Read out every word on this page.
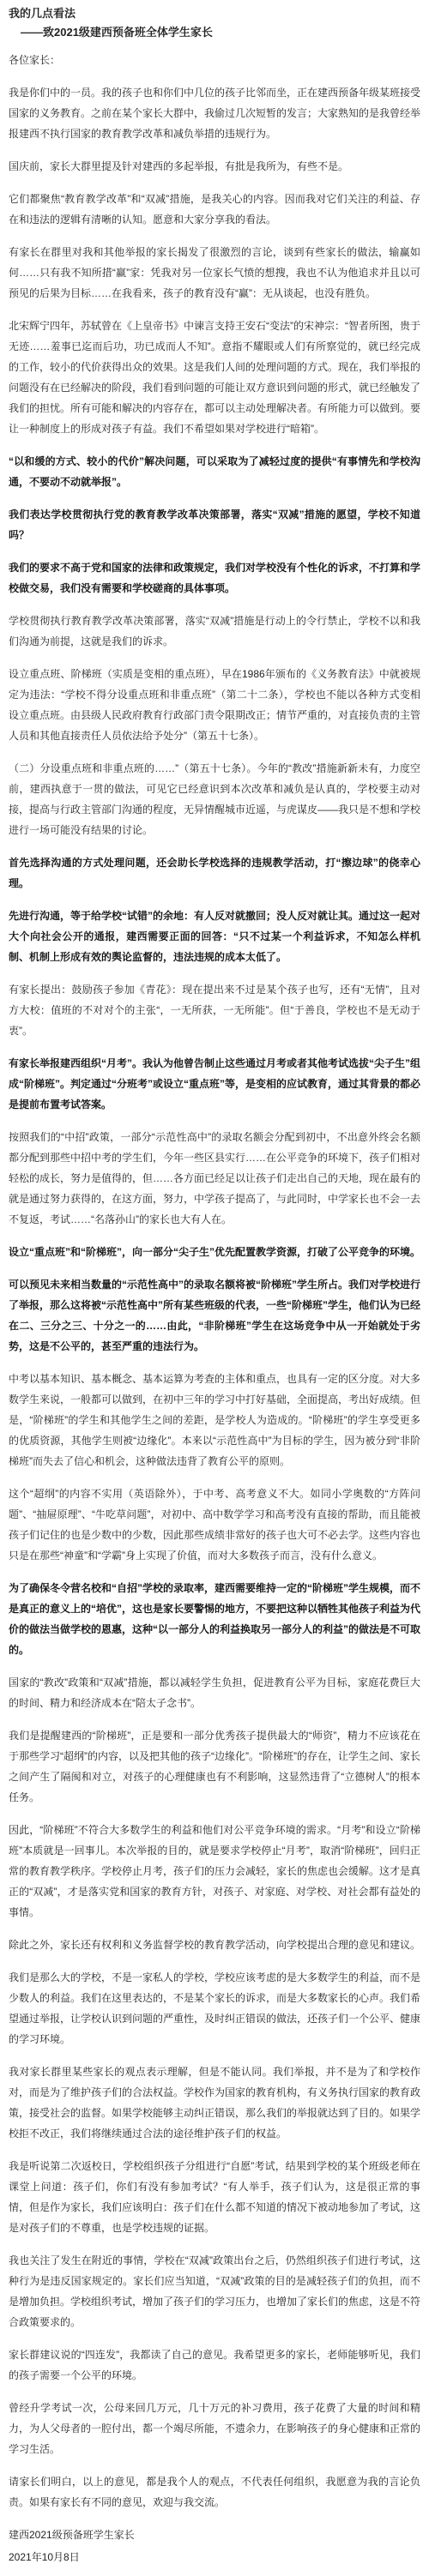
我的几点看法
——致2021级建西预备班全体学生家长
各位家长：
我是你们中的一员。我的孩子也和你们中几位的孩子比邻而坐，正在建西预备年级某班接受国家的义务教育。之前在某个家长大群中，我偷过几次短暂的发言；大家熟知的是我曾经举报建西不执行国家的教育教学改革和减负举措的违规行为。
国庆前，家长大群里提及针对建西的多起举报，有批是我所为，有些不是。
它们都聚焦“教育教学改革”和“双减”措施，是我关心的内容。因而我对它们关注的利益、存在和违法的逻辑有清晰的认知。愿意和大家分享我的看法。
有家长在群里对我和其他举报的家长揭发了很激烈的言论，谈到有些家长的做法，输赢如何……只有我不知所措“赢”家：凭我对另一位家长气愤的想搜，我也不认为他追求并且以可预见的后果为目标……在我看来，孩子的教育没有“赢”：无从谈起，也没有胜负。
北宋辉宁四年，苏轼曾在《上皇帝书》中谏言支持王安石“变法”的宋神宗：“智者所图，贵于无迹……羞事已迄而后功，功已成而人不知”。意指不耀眼或人们有所察觉的，就已经完成的工作，较小的代价获得出众的效果。这是我们人间的处理问题的方式。现在，我们举报的问题没有在已经解决的阶段，我们看到问题的可能让双方意识到问题的形式，就已经触发了我们的担忧。所有可能和解决的内容存在，都可以主动处理解决者。有所能力可以做到。要让一种制度上的形成对孩子有益。我们不希望如果对学校进行“暗箱”。
“以和缓的方式、较小的代价”解决问题，可以采取为了减轻过度的提供“有事情先和学校沟通，不要动不动就举报”。
我们表达学校贯彻执行党的教育教学改革决策部署，落实“双减”措施的愿望，学校不知道吗？
我们的要求不高于党和国家的法律和政策规定，我们对学校没有个性化的诉求，不打算和学校做交易，我们没有需要和学校磋商的具体事项。
学校贯彻执行教育教学改革决策部署，落实“双减”措施是行动上的令行禁止，学校不以和我们沟通为前提，这就是我们的诉求。
设立重点班、阶梯班（实质是变相的重点班），早在1986年颁布的《义务教育法》中就被规定为违法：“学校不得分设重点班和非重点班”（第二十二条），学校也不能以各种方式变相设立重点班。由县级人民政府教育行政部门责令限期改正；情节严重的，对直接负责的主管人员和其他直接责任人员依法给予处分”（第五十七条）。
（二）分设重点班和非重点班的……”（第五十七条）。今年的“教改”措施新新未有，力度空前，建西执意于一贯的做法，可见它已经意识到本次改革和减负是认真的，学校要主动对接，提高与行政主管部门沟通的程度，无异情醒城市近遥，与虎谋皮——我只是不想和学校进行一场可能没有结果的讨论。
首先选择沟通的方式处理问题，还会助长学校选择的违规教学活动，打“擦边球”的侥幸心理。
先进行沟通，等于给学校“试错”的余地：有人反对就撤回；没人反对就让其。通过这一起对大个向社会公开的通报，建西需要正面的回答：“只不过某一个利益诉求，不知怎么样机制、机制上形成有效的舆论监督的，违法违规的成本太低了。
有家长提出：鼓励孩子参加《青花》：现在提出来不过是某个孩子也写，还有“无情”，且对方大校：值班的不对对个的主张“，一无所获，一无所能”。但“于善良，学校也不是无动于衷”。
有家长举报建西组织“月考”。我认为他曾告制止这些通过月考或者其他考试选拔“尖子生”组成“阶梯班”。判定通过“分班考”或设立“重点班”等，是变相的应试教育，通过其背景的都必是提前布置考试答案。
按照我们的“中招”政策，一部分“示范性高中”的录取名额会分配到初中，不出意外终会名额都分配到那些中招中考的学生们，今年一些区县实行……在公平竞争的环境下，孩子们相对轻松的成长，努力是值得的，但……各方面已经足以让孩子们走出自己的天地，现在最有的就是通过努力获得的，在这方面，努力，中学孩子提高了，与此同时，中学家长也不会一去不复返，考试……“名落孙山”的家长也大有人在。
设立“重点班”和“阶梯班”，向一部分“尖子生”优先配置教学资源，打破了公平竞争的环境。
可以预见未来相当数量的“示范性高中”的录取名额将被“阶梯班”学生所占。我们对学校进行了举报，那么这将被“示范性高中”所有某些班级的代表，一些“阶梯班”学生，他们认为已经在二、三分之三、十分之一的……由此，“非阶梯班”学生在这场竞争中从一开始就处于劣势，这是不公平的，甚至严重的违法行为。
中考以基本知识、基本概念、基本运算为考查的主体和重点，也具有一定的区分度。对大多数学生来说，一般都可以做到，在初中三年的学习中打好基础，全面提高，考出好成绩。但是，“阶梯班”的学生和其他学生之间的差距，是学校人为造成的。“阶梯班”的学生享受更多的优质资源，其他学生则被“边缘化”。本来以“示范性高中”为目标的学生，因为被分到“非阶梯班”而失去了信心和机会，这种做法违背了教育公平的原则。
这个“超纲”的内容不实用（英语除外），于中考、高考意义不大。如同小学奥数的“方阵问题”、“抽屉原理”、“牛吃草问题”，对初中、高中数学学习和高考没有直接的帮助，而且能被孩子们记住的也是少数中的少数，因此那些成绩非常好的孩子也大可不必去学。这些内容也只是在那些“神童”和“学霸”身上实现了价值，而对大多数孩子而言，没有什么意义。
为了确保冬令营名校和“自招”学校的录取率，建西需要维持一定的“阶梯班”学生规模，而不是真正的意义上的“培优”，这也是家长要警惕的地方，不要把这种以牺牲其他孩子利益为代价的做法当做学校的恩惠，这种“以一部分人的利益换取另一部分人的利益”的做法是不可取的。
国家的“教改”政策和“双减”措施，都以减轻学生负担，促进教育公平为目标，家庭花费巨大的时间、精力和经济成本在“陪太子念书”。
我们是提醒建西的“阶梯班”，正是要和一部分优秀孩子提供最大的“师资”，精力不应该花在于那些学习“超纲”的内容，以及把其他的孩子“边缘化”。“阶梯班”的存在，让学生之间、家长之间产生了隔阂和对立，对孩子的心理健康也有不利影响，这显然违背了“立德树人”的根本任务。
因此，“阶梯班”不符合大多数学生的利益和他们对公平竞争环境的需求。“月考”和设立“阶梯班”本质就是一回事儿。本次举报的目的，就是要求学校停止“月考”，取消“阶梯班”，回归正常的教育教学秩序。学校停止月考，孩子们的压力会减轻，家长的焦虑也会缓解。这才是真正的“双减”，才是落实党和国家的教育方针，对孩子、对家庭、对学校、对社会都有益处的事情。
除此之外，家长还有权利和义务监督学校的教育教学活动，向学校提出合理的意见和建议。
我们是那么大的学校，不是一家私人的学校，学校应该考虑的是大多数学生的利益，而不是少数人的利益。我们在这里表达的，不是某个家长的诉求，而是大多数家长的心声。我们希望通过举报，让学校认识到问题的严重性，及时纠正错误的做法，还孩子们一个公平、健康的学习环境。
我对家长群里某些家长的观点表示理解，但是不能认同。我们举报，并不是为了和学校作对，而是为了维护孩子们的合法权益。学校作为国家的教育机构，有义务执行国家的教育政策，接受社会的监督。如果学校能够主动纠正错误，那么我们的举报就达到了目的。如果学校拒不改正，我们将继续通过合法的途径维护孩子们的权益。
我是听说第二次返校日，学校组织孩子分组进行“自愿”考试，结果到学校的某个班级老师在课堂上问道：孩子们，你们有没有参加考试？“有人举手，孩子们认为，这是很正常的事情，但是作为家长，我们应该明白：孩子们在什么都不知道的情况下被动地参加了考试，这是对孩子们的不尊重，也是学校违规的证据。
我也关注了发生在附近的事情，学校在“双减”政策出台之后，仍然组织孩子们进行考试，这种行为是违反国家规定的。家长们应当知道，“双减”政策的目的是减轻孩子们的负担，而不是增加负担。学校组织考试，增加了孩子们的学习压力，也增加了家长们的焦虑，这是不符合政策要求的。
家长群建议说的“四连发”，我都读了自己的意见。我希望更多的家长，老师能够听见，我们的孩子需要一个公平的环境。
曾经升学考试一次，公母来回几万元，几十万元的补习费用，孩子花费了大量的时间和精力，为人父母者的一腔付出，都一个竭尽所能，不遗余力，在影响孩子的身心健康和正常的学习生活。
请家长们明白，以上的意见，都是我个人的观点，不代表任何组织，我愿意为我的言论负责。如果有家长有不同的意见，欢迎与我交流。
建西2021级预备班学生家长
2021年10月8日
